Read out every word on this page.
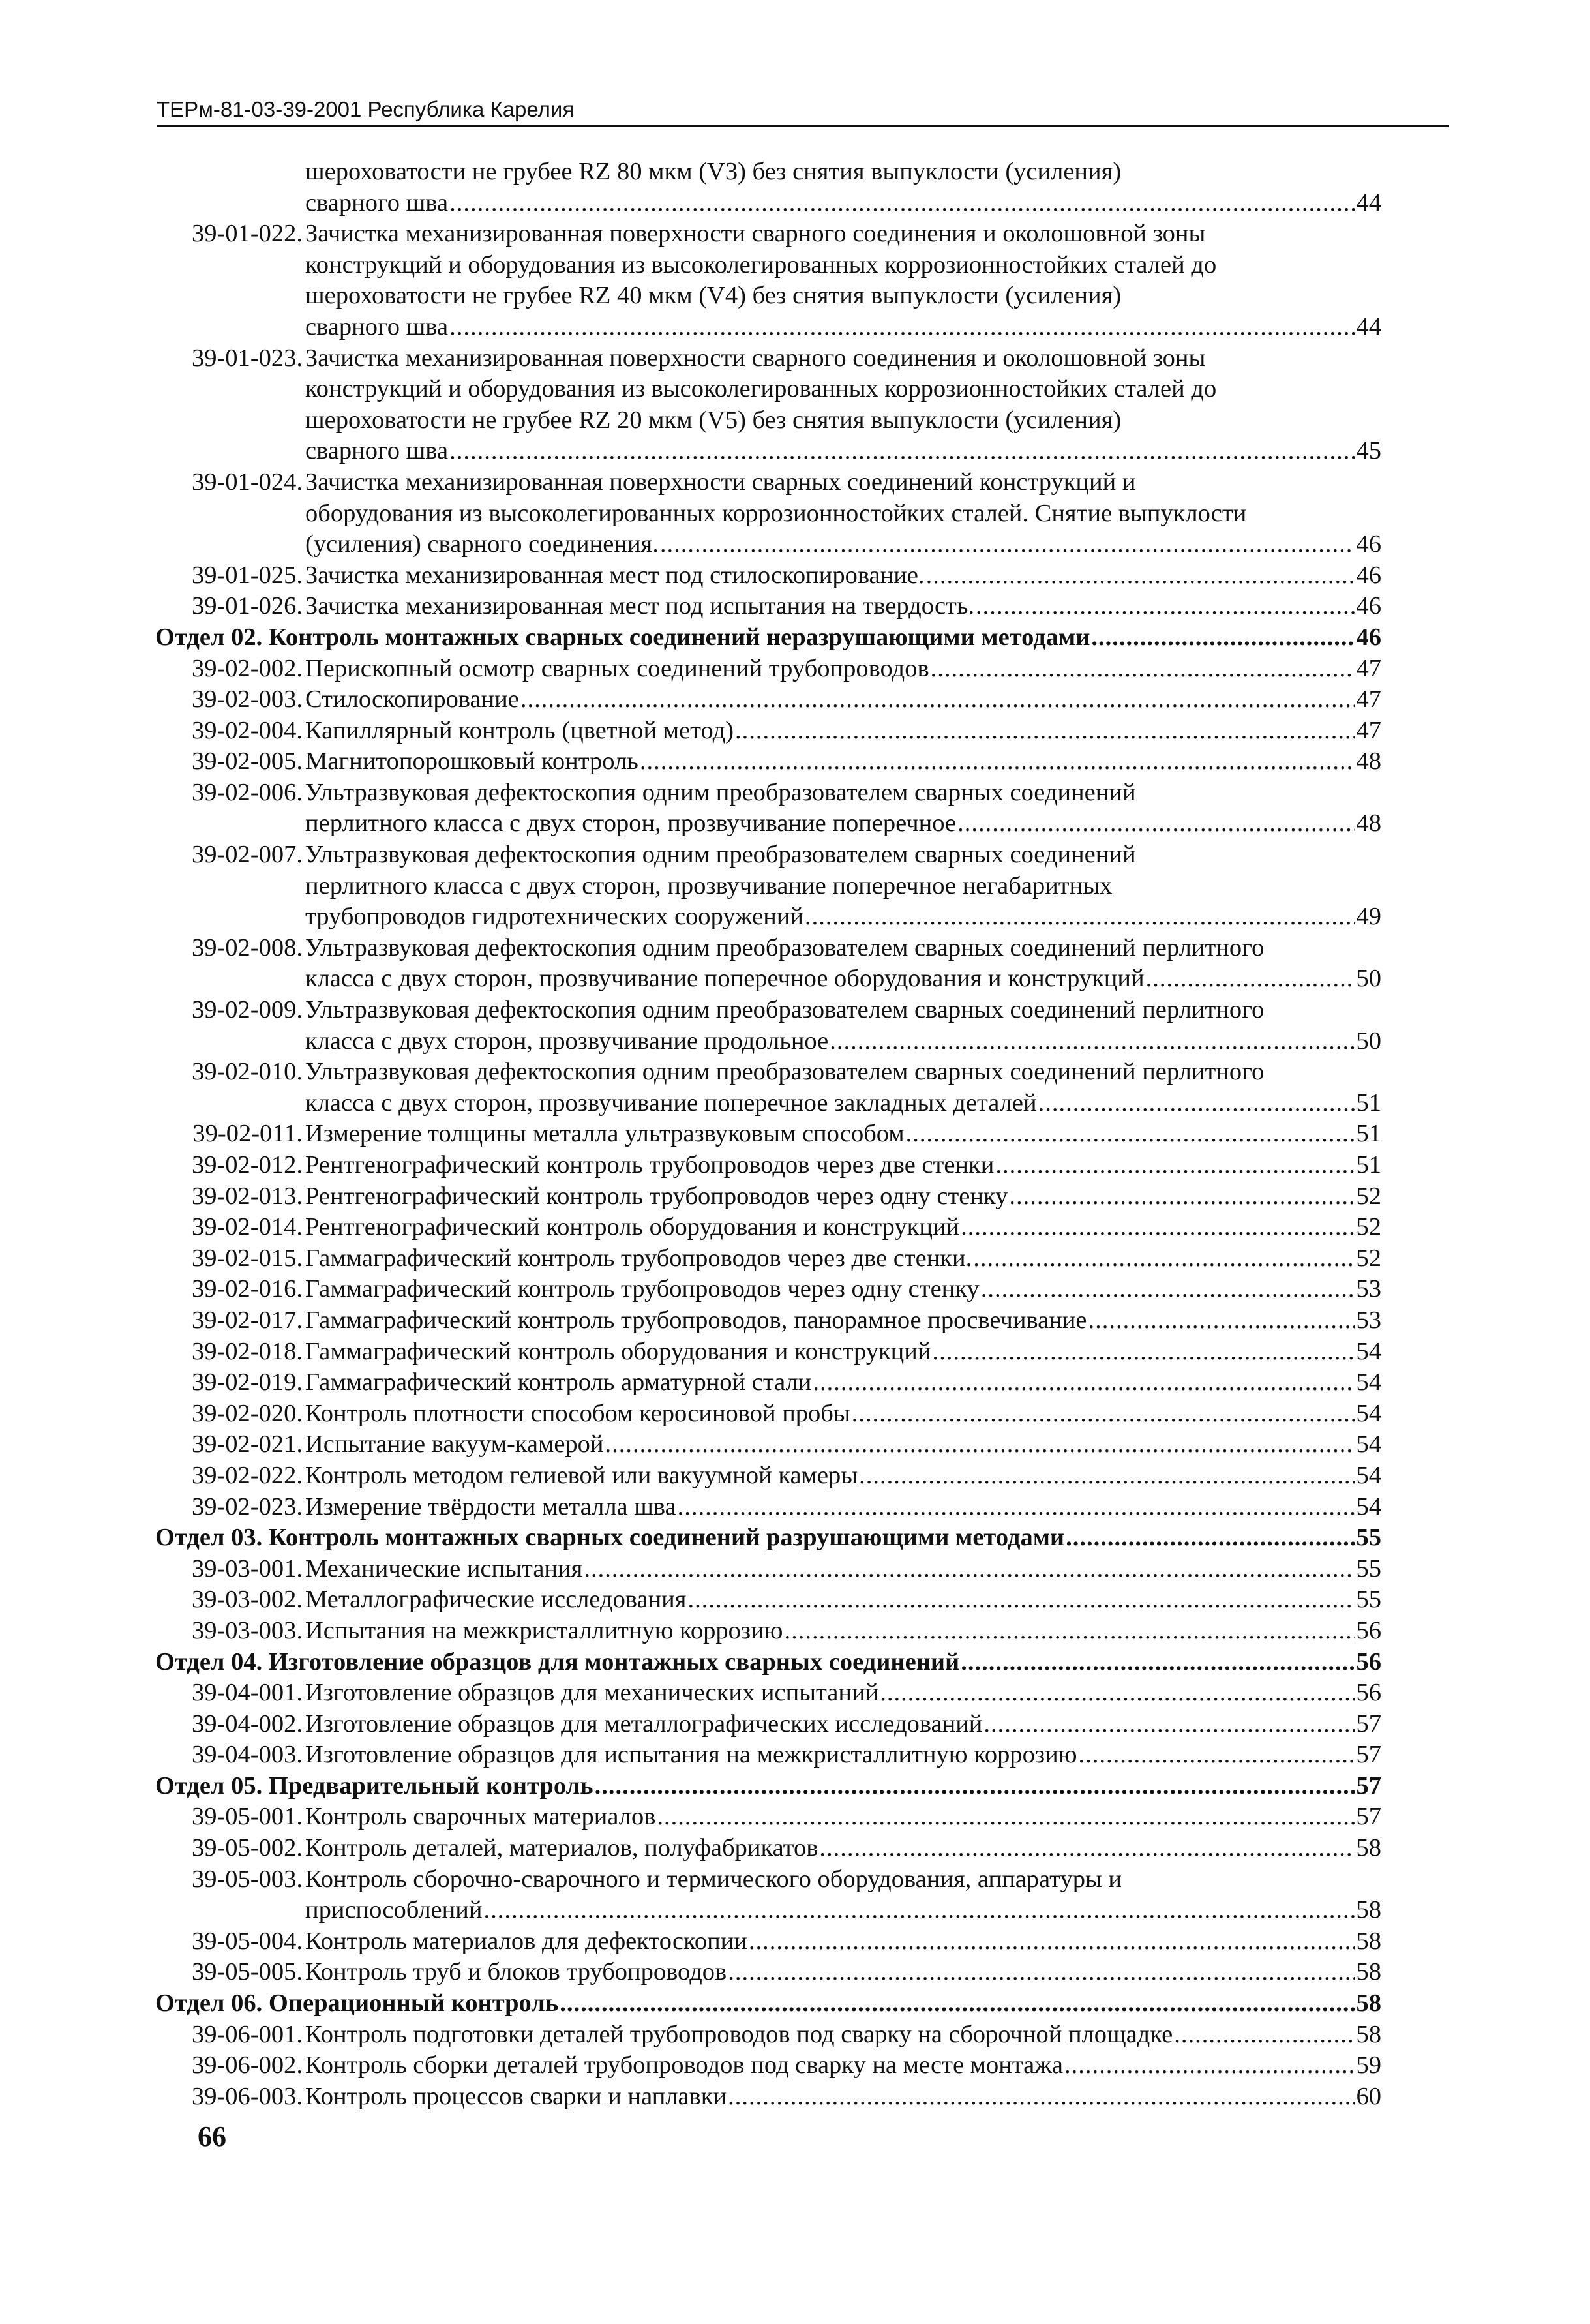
ТЕРм-81-03-39-2001 Республика Карелия
шероховатости не грубее RZ 80 мкм (V3) без снятия выпуклости (усиления)
сварного шва .....	44
39-01-022. Зачистка механизированная поверхности сварного соединения и околошовной зоны
конструкций и оборудования из высоколегированных коррозионностойких сталей до
шероховатости не грубее RZ 40 мкм (V4) без снятия выпуклости (усиления)
сварного шва .....	44
39-01-023. Зачистка механизированная поверхности сварного соединения и околошовной зоны
конструкций и оборудования из высоколегированных коррозионностойких сталей до
шероховатости не грубее RZ 20 мкм (V5) без снятия выпуклости (усиления)
сварного шва .....	45
39-01-024. Зачистка механизированная поверхности сварных соединений конструкций и
оборудования из высоколегированных коррозионностойких сталей. Снятие выпуклости
(усиления) сварного соединения. .....	46
39-01-025. Зачистка механизированная мест под стилоскопирование. .....	46
39-01-026. Зачистка механизированная мест под испытания на твердость. .....	46
Отдел 02. Контроль монтажных сварных соединений неразрушающими методами .....	46
39-02-002. Перископный осмотр сварных соединений трубопроводов .....	47
39-02-003. Стилоскопирование .....	47
39-02-004. Капиллярный контроль (цветной метод) .....	47
39-02-005. Магнитопорошковый контроль .....	48
39-02-006. Ультразвуковая дефектоскопия одним преобразователем сварных соединений
перлитного класса с двух сторон, прозвучивание поперечное .....	48
39-02-007. Ультразвуковая дефектоскопия одним преобразователем сварных соединений
перлитного класса с двух сторон, прозвучивание поперечное негабаритных
трубопроводов гидротехнических сооружений .....	49
39-02-008. Ультразвуковая дефектоскопия одним преобразователем сварных соединений перлитного
класса с двух сторон, прозвучивание поперечное оборудования и конструкций .....	50
39-02-009. Ультразвуковая дефектоскопия одним преобразователем сварных соединений перлитного
класса с двух сторон, прозвучивание продольное .....	50
39-02-010. Ультразвуковая дефектоскопия одним преобразователем сварных соединений перлитного
класса с двух сторон, прозвучивание поперечное закладных деталей .....	51
39-02-011. Измерение толщины металла ультразвуковым способом .....	51
39-02-012. Рентгенографический контроль трубопроводов через две стенки .....	51
39-02-013. Рентгенографический контроль трубопроводов через одну стенку .....	52
39-02-014. Рентгенографический контроль оборудования и конструкций .....	52
39-02-015. Гаммаграфический контроль трубопроводов через две стенки. .....	52
39-02-016. Гаммаграфический контроль трубопроводов через одну стенку .....	53
39-02-017. Гаммаграфический контроль трубопроводов, панорамное просвечивание .....	53
39-02-018. Гаммаграфический контроль оборудования и конструкций .....	54
39-02-019. Гаммаграфический контроль арматурной стали .....	54
39-02-020. Контроль плотности способом керосиновой пробы .....	54
39-02-021. Испытание вакуум-камерой .....	54
39-02-022. Контроль методом гелиевой или вакуумной камеры .....	54
39-02-023. Измерение твёрдости металла шва .....	54
Отдел 03. Контроль монтажных сварных соединений разрушающими методами .....	55
39-03-001. Механические испытания .....	55
39-03-002. Металлографические исследования .....	55
39-03-003. Испытания на межкристаллитную коррозию .....	56
Отдел 04. Изготовление образцов для монтажных сварных соединений .....	56
39-04-001. Изготовление образцов для механических испытаний .....	56
39-04-002. Изготовление образцов для металлографических исследований .....	57
39-04-003. Изготовление образцов для испытания на межкристаллитную коррозию .....	57
Отдел 05. Предварительный контроль .....	57
39-05-001. Контроль сварочных материалов .....	57
39-05-002. Контроль деталей, материалов, полуфабрикатов .....	58
39-05-003. Контроль сборочно-сварочного и термического оборудования, аппаратуры и
приспособлений .....	58
39-05-004. Контроль материалов для дефектоскопии .....	58
39-05-005. Контроль труб и блоков трубопроводов .....	58
Отдел 06. Операционный контроль .....	58
39-06-001. Контроль подготовки деталей трубопроводов под сварку на сборочной площадке .....	58
39-06-002. Контроль сборки деталей трубопроводов под сварку на месте монтажа .....	59
39-06-003. Контроль процессов сварки и наплавки .....	60
66
